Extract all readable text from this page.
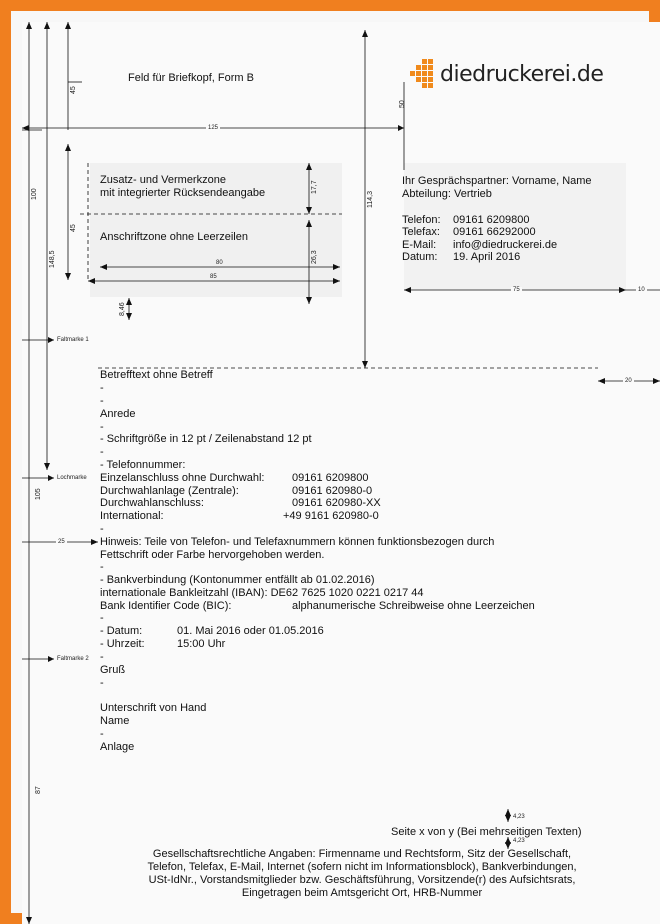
45
50
125
100
148,5
45
114,3
17,7
26,3
80
85
8,46
75	10
20
105
25
87
4,23
4,23
Faltmarke 1
Lochmarke
Faltmarke 2
Feld für Briefkopf, Form B	diedruckerei.de
Zusatz- und Vermerkzone
mit integrierter Rücksendeangabe
Anschriftzone ohne Leerzeilen
Ihr Gesprächspartner: Vorname, Name
Abteilung: Vertrieb
Telefon: 09161 6209800
Telefax: 09161 66292000
E-Mail: info@diedruckerei.de
Datum: 19. April 2016
Betrefftext ohne Betreff
-
-
Anrede
-
- Schriftgröße in 12 pt / Zeilenabstand 12 pt
-
- Telefonnummer:
Einzelanschluss ohne Durchwahl:	09161 6209800
Durchwahlanlage (Zentrale):	09161 620980-0
Durchwahlanschluss:	09161 620980-XX
International:	+49 9161 620980-0
-
Hinweis: Teile von Telefon- und Telefaxnummern können funktionsbezogen durch
Fettschrift oder Farbe hervorgehoben werden.
-
- Bankverbindung (Kontonummer entfällt ab 01.02.2016)
internationale Bankleitzahl (IBAN): DE62 7625 1020 0221 0217 44
Bank Identifier Code (BIC):	alphanumerische Schreibweise ohne Leerzeichen
-
- Datum:	01. Mai 2016 oder 01.05.2016
- Uhrzeit:	15:00 Uhr
-
Gruß
-
Unterschrift von Hand
Name
-
Anlage
Seite x von y (Bei mehrseitigen Texten)
Gesellschaftsrechtliche Angaben: Firmenname und Rechtsform, Sitz der Gesellschaft,
Telefon, Telefax, E-Mail, Internet (sofern nicht im Informationsblock), Bankverbindungen,
USt-IdNr., Vorstandsmitglieder bzw. Geschäftsführung, Vorsitzende(r) des Aufsichtsrats,
Eingetragen beim Amtsgericht Ort, HRB-Nummer
